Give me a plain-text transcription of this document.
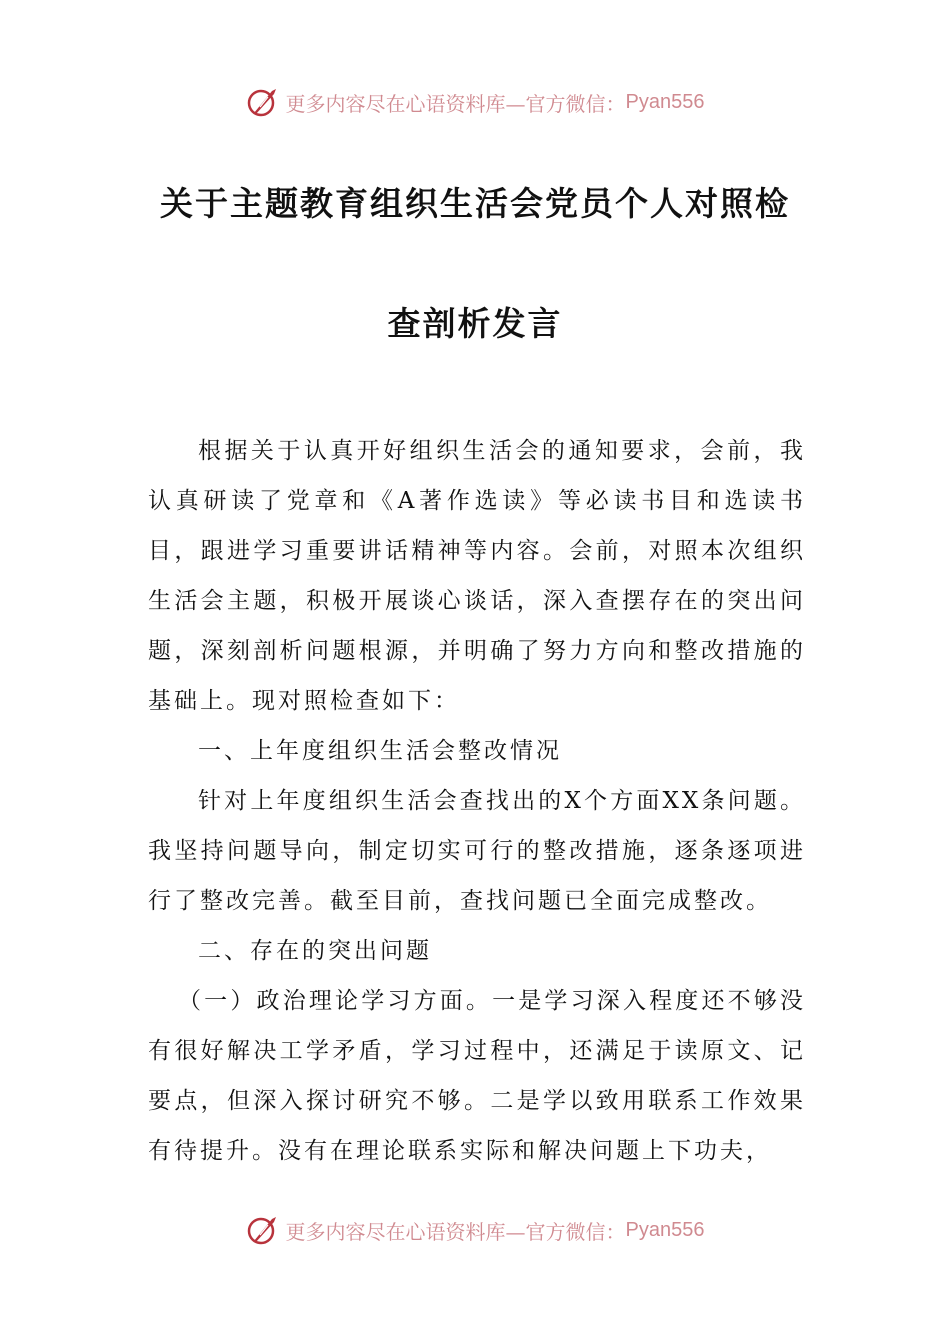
更多内容尽在心语资料库—官方微信： Pyan556
关于主题教育组织生活会党员个人对照检
查剖析发言

根据关于认真开好组织生活会的通知要求，会前，我认真研读了党章和《A著作选读》等必读书目和选读书目，跟进学习重要讲话精神等内容。会前，对照本次组织生活会主题，积极开展谈心谈话，深入查摆存在的突出问题，深刻剖析问题根源，并明确了努力方向和整改措施的基础上。现对照检查如下：

一、上年度组织生活会整改情况

针对上年度组织生活会查找出的X个方面XX条问题。我坚持问题导向，制定切实可行的整改措施，逐条逐项进行了整改完善。截至目前，查找问题已全面完成整改。

二、存在的突出问题

（一）政治理论学习方面。一是学习深入程度还不够没有很好解决工学矛盾，学习过程中，还满足于读原文、记要点，但深入探讨研究不够。二是学以致用联系工作效果有待提升。没有在理论联系实际和解决问题上下功夫，

更多内容尽在心语资料库—官方微信： Pyan556
